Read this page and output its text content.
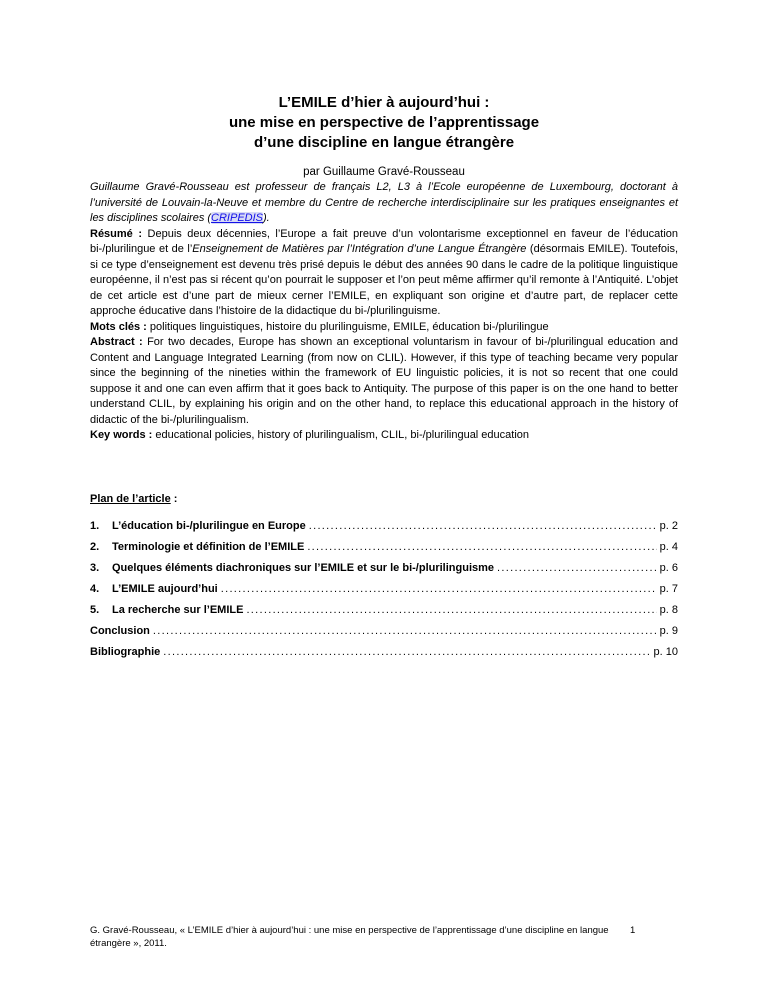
L’EMILE d’hier à aujourd’hui :
une mise en perspective de l’apprentissage
d’une discipline en langue étrangère
par Guillaume Gravé-Rousseau

Guillaume Gravé-Rousseau est professeur de français L2, L3 à l’Ecole européenne de Luxembourg, doctorant à l’université de Louvain-la-Neuve et membre du Centre de recherche interdisciplinaire sur les pratiques enseignantes et les disciplines scolaires (CRIPEDIS).

Résumé : Depuis deux décennies, l’Europe a fait preuve d’un volontarisme exceptionnel en faveur de l’éducation bi-/plurilingue et de l’Enseignement de Matières par l’Intégration d’une Langue Étrangère (désormais EMILE). Toutefois, si ce type d’enseignement est devenu très prisé depuis le début des années 90 dans le cadre de la politique linguistique européenne, il n’est pas si récent qu’on pourrait le supposer et l’on peut même affirmer qu’il remonte à l’Antiquité. L’objet de cet article est d’une part de mieux cerner l’EMILE, en expliquant son origine et d’autre part, de replacer cette approche éducative dans l’histoire de la didactique du bi-/plurilinguisme.

Mots clés : politiques linguistiques, histoire du plurilinguisme, EMILE, éducation bi-/plurilingue

Abstract : For two decades, Europe has shown an exceptional voluntarism in favour of bi-/plurilingual education and Content and Language Integrated Learning (from now on CLIL). However, if this type of teaching became very popular since the beginning of the nineties within the framework of EU linguistic policies, it is not so recent that one could suppose it and one can even affirm that it goes back to Antiquity. The purpose of this paper is on the one hand to better understand CLIL, by explaining his origin and on the other hand, to replace this educational approach in the history of didactic of the bi-/plurilingualism.

Key words : educational policies, history of plurilingualism, CLIL, bi-/plurilingual education

Plan de l’article :
1.	L’éducation bi-/plurilingue en Europe .....	p. 2
2.	Terminologie et définition de l’EMILE .....	p. 4
3.	Quelques éléments diachroniques sur l’EMILE et sur le bi-/plurilinguisme .....	p. 6
4.	L’EMILE aujourd’hui .....	p. 7
5.	La recherche sur l’EMILE .....	p. 8
Conclusion .....	p. 9
Bibliographie .....	p. 10
G. Gravé-Rousseau, « L’EMILE d’hier à aujourd’hui : une mise en perspective de l’apprentissage d’une discipline en langue étrangère », 2011.
1
